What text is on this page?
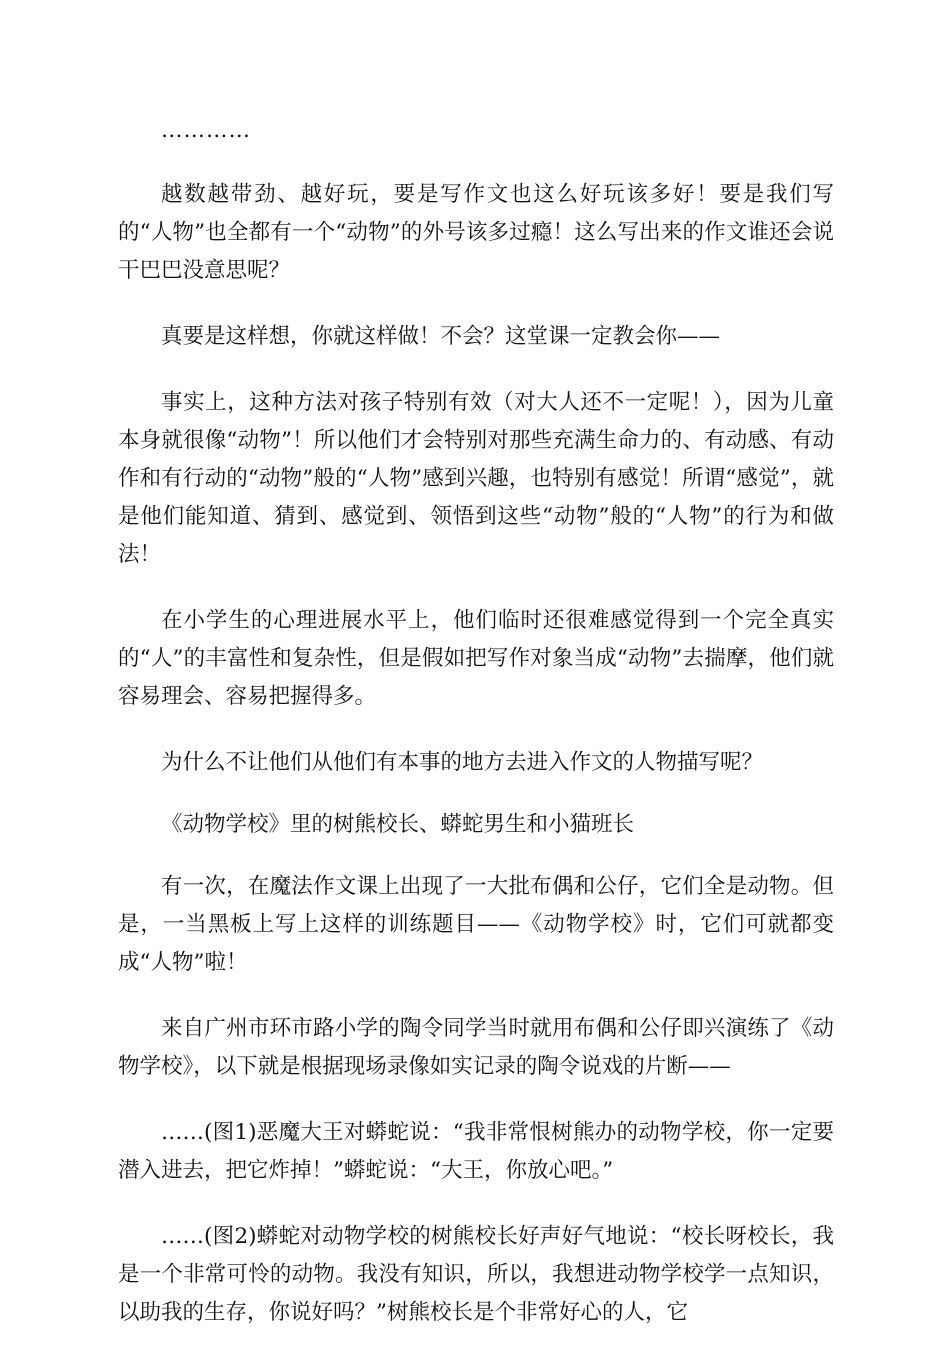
…………

越数越带劲、越好玩，要是写作文也这么好玩该多好！要是我们写的“人物”也全都有一个“动物”的外号该多过瘾！这么写出来的作文谁还会说干巴巴没意思呢？

真要是这样想，你就这样做！不会？这堂课一定教会你——

事实上，这种方法对孩子特别有效（对大人还不一定呢！），因为儿童本身就很像“动物”！所以他们才会特别对那些充满生命力的、有动感、有动作和有行动的“动物”般的“人物”感到兴趣，也特别有感觉！所谓“感觉”，就是他们能知道、猜到、感觉到、领悟到这些“动物”般的“人物”的行为和做法！

在小学生的心理进展水平上，他们临时还很难感觉得到一个完全真实的“人”的丰富性和复杂性，但是假如把写作对象当成“动物”去揣摩，他们就容易理会、容易把握得多。

为什么不让他们从他们有本事的地方去进入作文的人物描写呢？

《动物学校》里的树熊校长、蟒蛇男生和小猫班长

有一次，在魔法作文课上出现了一大批布偶和公仔，它们全是动物。但是，一当黑板上写上这样的训练题目——《动物学校》时，它们可就都变成“人物”啦！

来自广州市环市路小学的陶令同学当时就用布偶和公仔即兴演练了《动物学校》，以下就是根据现场录像如实记录的陶令说戏的片断——

……(图1)恶魔大王对蟒蛇说：“我非常恨树熊办的动物学校，你一定要潜入进去，把它炸掉！”蟒蛇说：“大王，你放心吧。”

……(图2)蟒蛇对动物学校的树熊校长好声好气地说：“校长呀校长，我是一个非常可怜的动物。我没有知识，所以，我想进动物学校学一点知识，以助我的生存，你说好吗？”树熊校长是个非常好心的人，它
